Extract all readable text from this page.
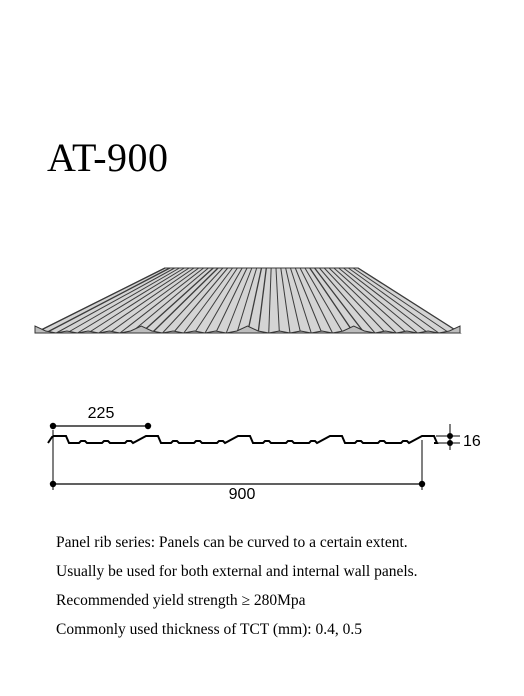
AT-900
225
900
16
Panel rib series: Panels can be curved to a certain extent.
Usually be used for both external and internal wall panels.
Recommended yield strength ≥ 280Mpa
Commonly used thickness of TCT (mm): 0.4, 0.5
